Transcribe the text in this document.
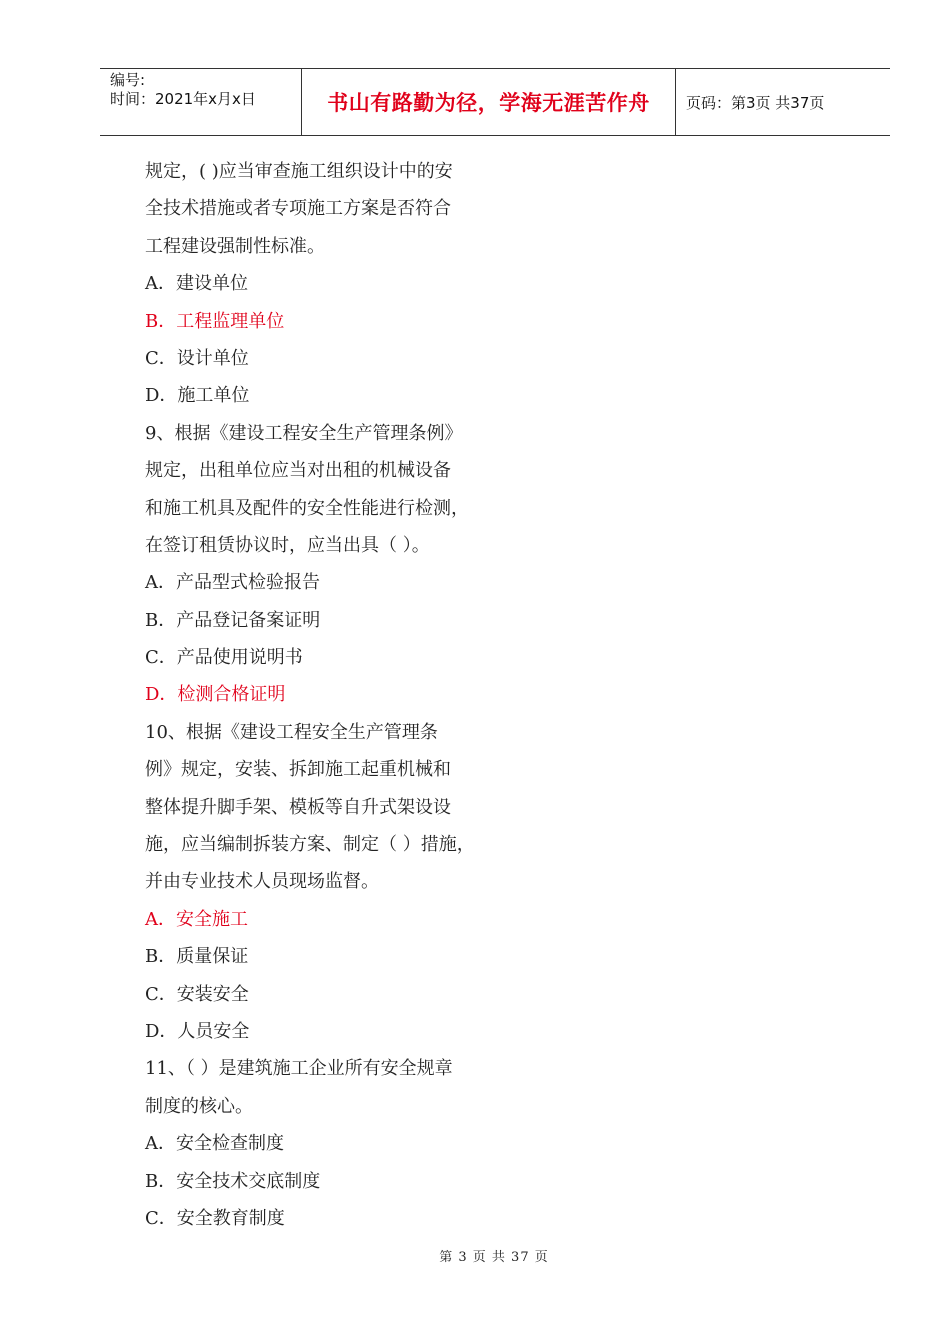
编号:
时间：2021年x月x日	书山有路勤为径，学海无涯苦作舟	页码：第3页 共37页
规定，( )应当审查施工组织设计中的安
全技术措施或者专项施工方案是否符合
工程建设强制性标准。
A．建设单位
B．工程监理单位
C．设计单位
D．施工单位
9、根据《建设工程安全生产管理条例》
规定，出租单位应当对出租的机械设备
和施工机具及配件的安全性能进行检测，
在签订租赁协议时，应当出具（ ）。
A．产品型式检验报告
B．产品登记备案证明
C．产品使用说明书
D．检测合格证明
10、根据《建设工程安全生产管理条
例》规定，安装、拆卸施工起重机械和
整体提升脚手架、模板等自升式架设设
施，应当编制拆装方案、制定（ ）措施，
并由专业技术人员现场监督。
A．安全施工
B．质量保证
C．安装安全
D．人员安全
11、（ ）是建筑施工企业所有安全规章
制度的核心。
A．安全检查制度
B．安全技术交底制度
C．安全教育制度
第 3 页 共 37 页
